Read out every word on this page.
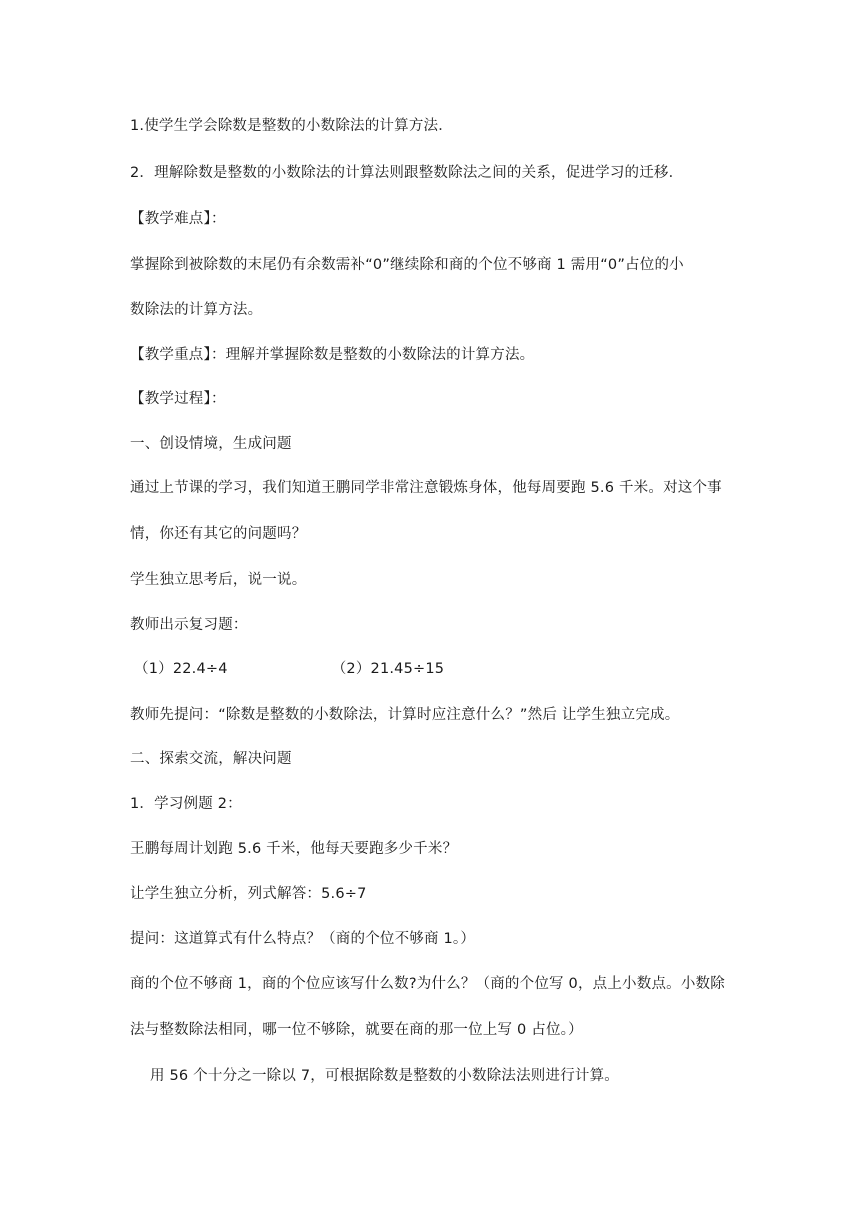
1.使学生学会除数是整数的小数除法的计算方法．
2．理解除数是整数的小数除法的计算法则跟整数除法之间的关系，促进学习的迁移．
【教学难点】：
掌握除到被除数的末尾仍有余数需补“0”继续除和商的个位不够商 1 需用“0”占位的小
数除法的计算方法。
【教学重点】：理解并掌握除数是整数的小数除法的计算方法。
【教学过程】：
一、创设情境，生成问题
通过上节课的学习，我们知道王鹏同学非常注意锻炼身体，他每周要跑 5.6 千米。对这个事
情，你还有其它的问题吗？
学生独立思考后，说一说。
教师出示复习题：
（1）22.4÷4	（2）21.45÷15
教师先提问：“除数是整数的小数除法，计算时应注意什么？”然后 让学生独立完成。
二、探索交流，解决问题
1．学习例题 2：
王鹏每周计划跑 5.6 千米，他每天要跑多少千米？
让学生独立分析，列式解答：5.6÷7
提问：这道算式有什么特点？（商的个位不够商 1。）
商的个位不够商 1，商的个位应该写什么数?为什么？（商的个位写 0，点上小数点。小数除
法与整数除法相同，哪一位不够除，就要在商的那一位上写 0 占位。）
用 56 个十分之一除以 7，可根据除数是整数的小数除法法则进行计算。
